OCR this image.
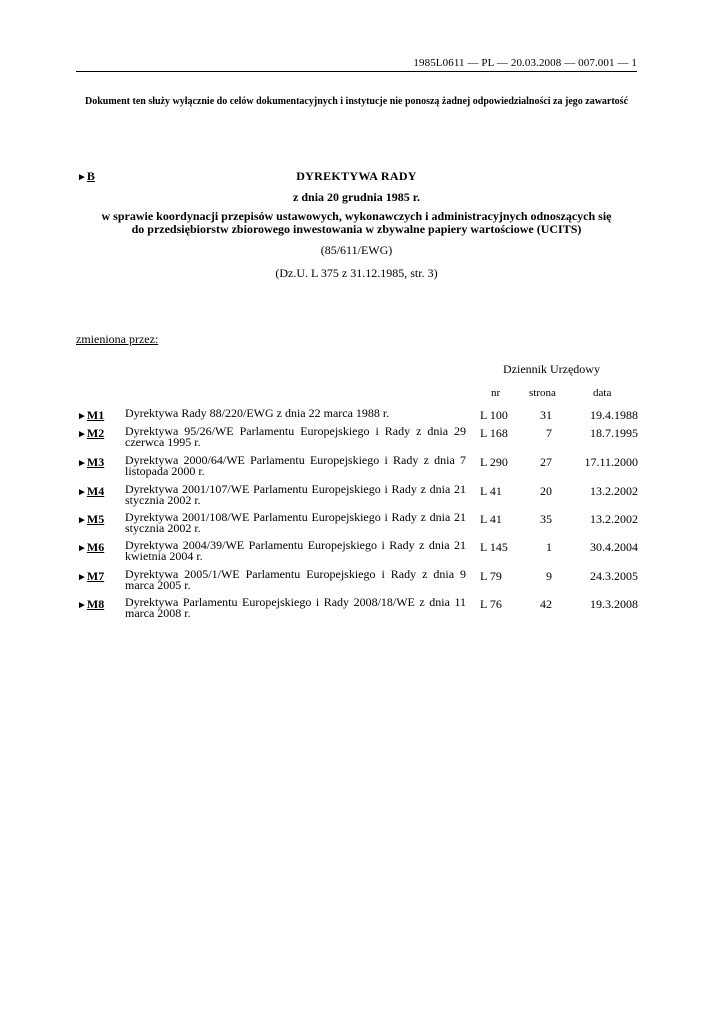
1985L0611 — PL — 20.03.2008 — 007.001 — 1
Dokument ten służy wyłącznie do celów dokumentacyjnych i instytucje nie ponoszą żadnej odpowiedzialności za jego zawartość
►B	DYREKTYWA RADY
z dnia 20 grudnia 1985 r.
w sprawie koordynacji przepisów ustawowych, wykonawczych i administracyjnych odnoszących się
do przedsiębiorstw zbiorowego inwestowania w zbywalne papiery wartościowe (UCITS)
(85/611/EWG)
(Dz.U. L 375 z 31.12.1985, str. 3)
zmieniona przez:
Dziennik Urzędowy
nr	strona	data
►M1 Dyrektywa Rady 88/220/EWG z dnia 22 marca 1988 r.	L 100	31	19.4.1988
►M2 Dyrektywa 95/26/WE Parlamentu Europejskiego i Rady z dnia 29 czerwca 1995 r.
L 168	7	18.7.1995
►M3 Dyrektywa 2000/64/WE Parlamentu Europejskiego i Rady z dnia 7 listopada 2000 r.
L 290	27	17.11.2000
►M4 Dyrektywa 2001/107/WE Parlamentu Europejskiego i Rady z dnia 21 stycznia 2002 r.
L 41	20	13.2.2002
►M5 Dyrektywa 2001/108/WE Parlamentu Europejskiego i Rady z dnia 21 stycznia 2002 r.
L 41	35	13.2.2002
►M6 Dyrektywa 2004/39/WE Parlamentu Europejskiego i Rady z dnia 21 kwietnia 2004 r.
L 145	1	30.4.2004
►M7 Dyrektywa 2005/1/WE Parlamentu Europejskiego i Rady z dnia 9 marca 2005 r.
L 79	9	24.3.2005
►M8 Dyrektywa Parlamentu Europejskiego i Rady 2008/18/WE z dnia 11 marca 2008 r.
L 76	42	19.3.2008
